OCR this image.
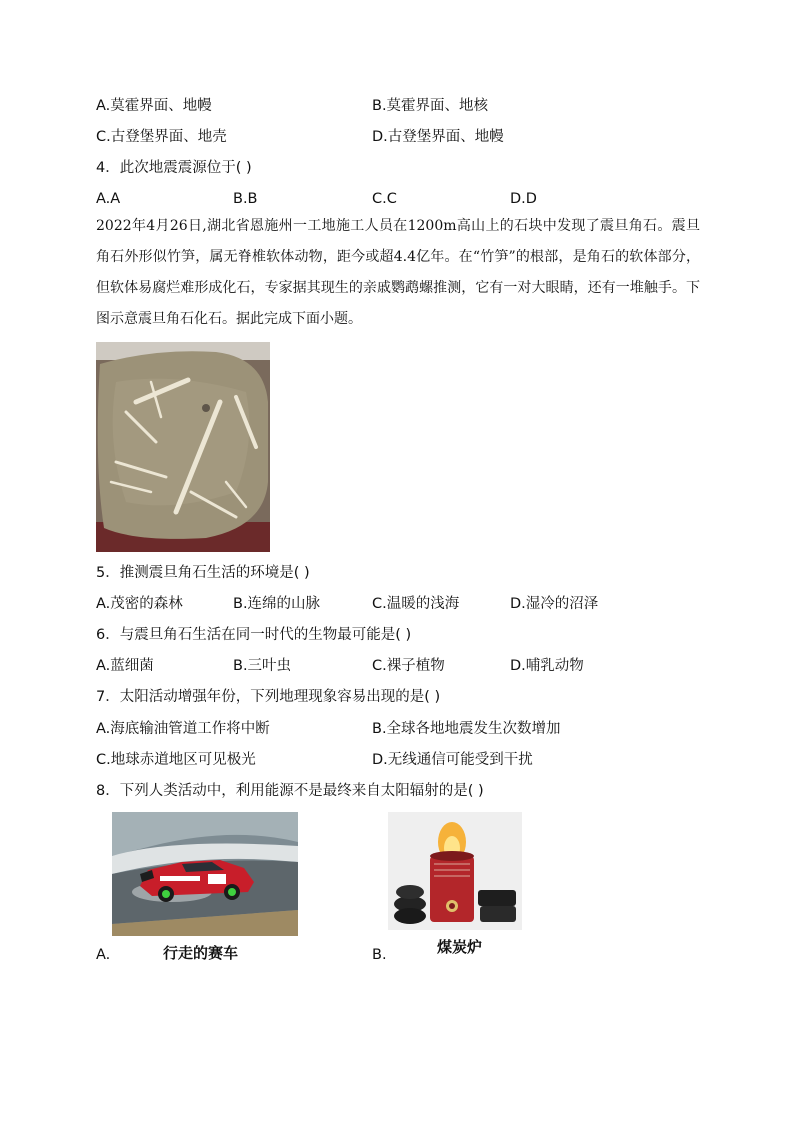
A.莫霍界面、地幔	B.莫霍界面、地核
C.古登堡界面、地壳	D.古登堡界面、地幔
4．此次地震震源位于( )
A.A	B.B	C.C	D.D
2022年4月26日,湖北省恩施州一工地施工人员在1200m高山上的石块中发现了震旦角石。震旦角石外形似竹笋，属无脊椎软体动物，距今或超4.4亿年。在“竹笋”的根部，是角石的软体部分，但软体易腐烂难形成化石，专家据其现生的亲戚鹦鹉螺推测，它有一对大眼睛，还有一堆触手。下图示意震旦角石化石。据此完成下面小题。
5．推测震旦角石生活的环境是( )
A.茂密的森林	B.连绵的山脉	C.温暖的浅海	D.湿冷的沼泽
6．与震旦角石生活在同一时代的生物最可能是( )
A.蓝细菌	B.三叶虫	C.裸子植物	D.哺乳动物
7．太阳活动增强年份，下列地理现象容易出现的是( )
A.海底输油管道工作将中断	B.全球各地地震发生次数增加
C.地球赤道地区可见极光	D.无线通信可能受到干扰
8．下列人类活动中，利用能源不是最终来自太阳辐射的是( )
A.	行走的赛车	B.	煤炭炉
